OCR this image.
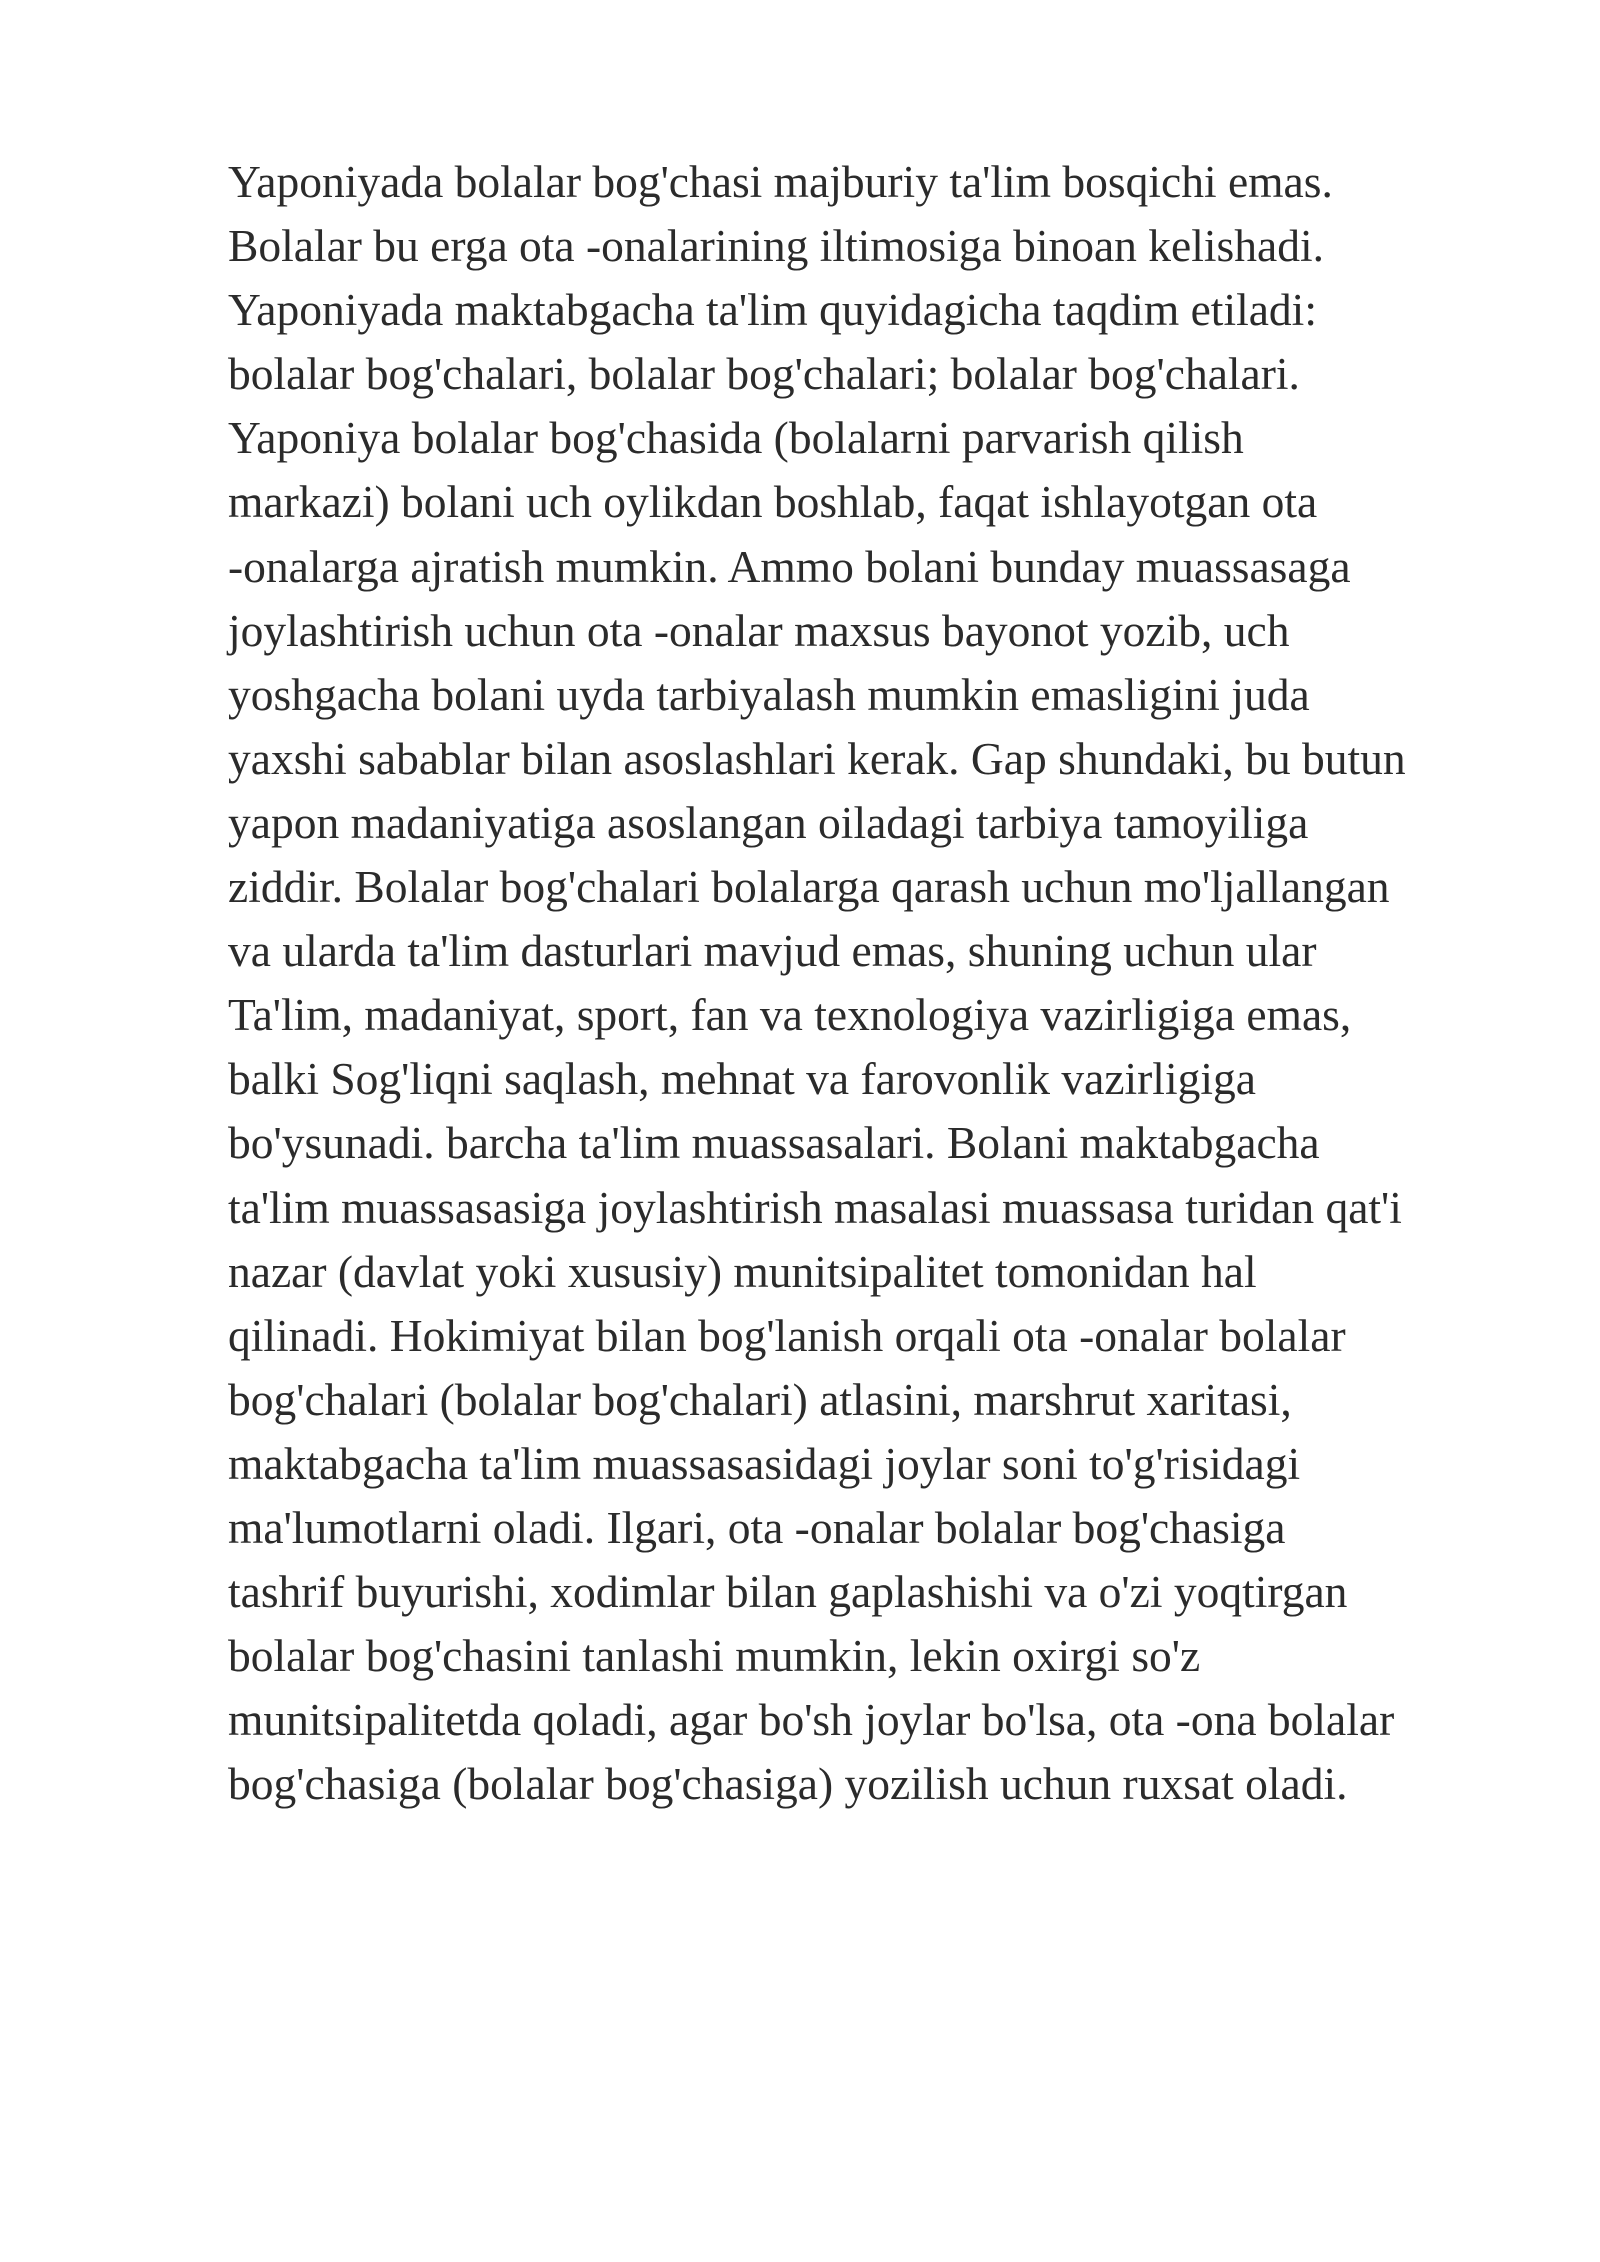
Yaponiyada bolalar bog'chasi majburiy ta'lim bosqichi emas.
Bolalar bu erga ota -onalarining iltimosiga binoan kelishadi.
Yaponiyada maktabgacha ta'lim quyidagicha taqdim etiladi:
bolalar bog'chalari, bolalar bog'chalari; bolalar bog'chalari.
Yaponiya bolalar bog'chasida (bolalarni parvarish qilish
markazi) bolani uch oylikdan boshlab, faqat ishlayotgan ota
-onalarga ajratish mumkin. Ammo bolani bunday muassasaga
joylashtirish uchun ota -onalar maxsus bayonot yozib, uch
yoshgacha bolani uyda tarbiyalash mumkin emasligini juda
yaxshi sabablar bilan asoslashlari kerak. Gap shundaki, bu butun
yapon madaniyatiga asoslangan oiladagi tarbiya tamoyiliga
ziddir. Bolalar bog'chalari bolalarga qarash uchun mo'ljallangan
va ularda ta'lim dasturlari mavjud emas, shuning uchun ular
Ta'lim, madaniyat, sport, fan va texnologiya vazirligiga emas,
balki Sog'liqni saqlash, mehnat va farovonlik vazirligiga
bo'ysunadi. barcha ta'lim muassasalari. Bolani maktabgacha
ta'lim muassasasiga joylashtirish masalasi muassasa turidan qat'i
nazar (davlat yoki xususiy) munitsipalitet tomonidan hal
qilinadi. Hokimiyat bilan bog'lanish orqali ota -onalar bolalar
bog'chalari (bolalar bog'chalari) atlasini, marshrut xaritasi,
maktabgacha ta'lim muassasasidagi joylar soni to'g'risidagi
ma'lumotlarni oladi. Ilgari, ota -onalar bolalar bog'chasiga
tashrif buyurishi, xodimlar bilan gaplashishi va o'zi yoqtirgan
bolalar bog'chasini tanlashi mumkin, lekin oxirgi so'z
munitsipalitetda qoladi, agar bo'sh joylar bo'lsa, ota -ona bolalar
bog'chasiga (bolalar bog'chasiga) yozilish uchun ruxsat oladi.
